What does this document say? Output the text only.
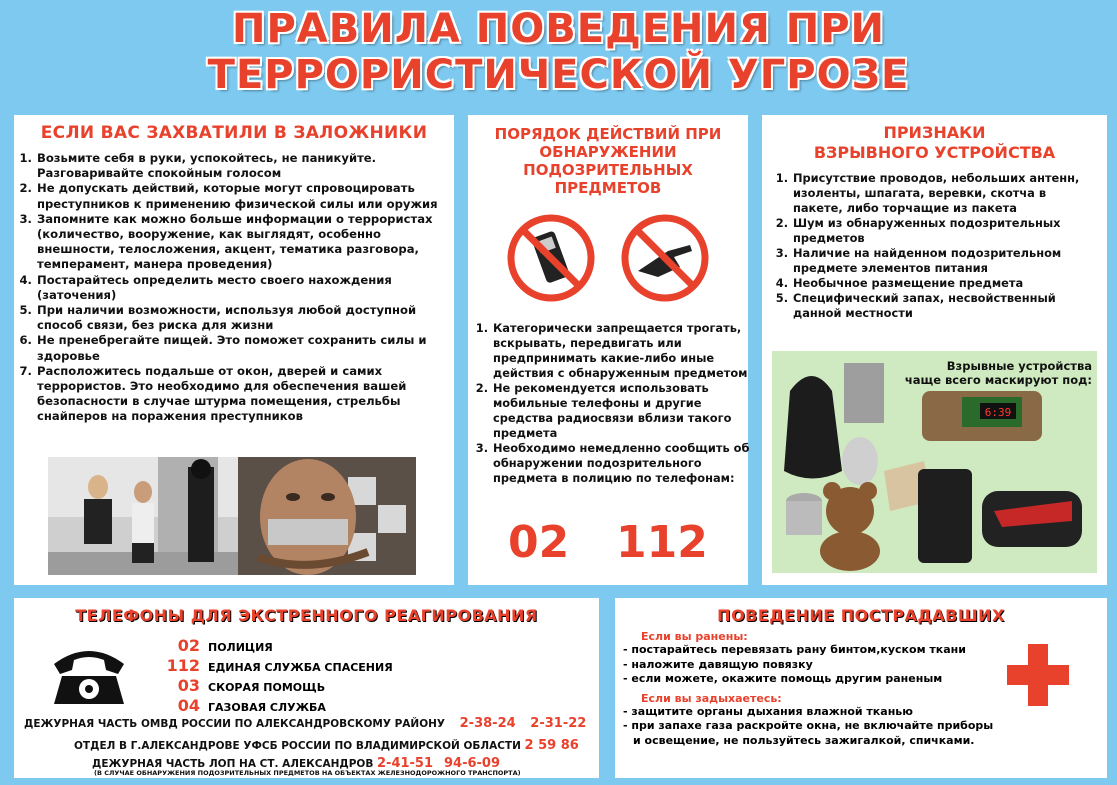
ПРАВИЛА ПОВЕДЕНИЯ ПРИ
ТЕРРОРИСТИЧЕСКОЙ УГРОЗЕ
ЕСЛИ ВАС ЗАХВАТИЛИ В ЗАЛОЖНИКИ
1. Возьмите себя в руки, успокойтесь, не паникуйте. Разговаривайте спокойным голосом
2. Не допускать действий, которые могут спровоцировать преступников к применению физической силы или оружия
3. Запомните как можно больше информации о террористах (количество, вооружение, как выглядят, особенно внешности, телосложения, акцент, тематика разговора, темперамент, манера проведения)
4. Постарайтесь определить место своего нахождения (заточения)
5. При наличии возможности, используя любой доступной способ связи, без риска для жизни
6. Не пренебрегайте пищей. Это поможет сохранить силы и здоровье
7. Расположитесь подальше от окон, дверей и самих террористов. Это необходимо для обеспечения вашей безопасности в случае штурма помещения, стрельбы снайперов на поражения преступников
ПОРЯДОК ДЕЙСТВИЙ ПРИ
ОБНАРУЖЕНИИ
ПОДОЗРИТЕЛЬНЫХ
ПРЕДМЕТОВ
1. Категорически запрещается трогать, вскрывать, передвигать или предпринимать какие-либо иные действия с обнаруженным предметом
2. Не рекомендуется использовать мобильные телефоны и другие средства радиосвязи вблизи такого предмета
3. Необходимо немедленно сообщить об обнаружении подозрительного предмета в полицию по телефонам:
02 112
ПРИЗНАКИ
ВЗРЫВНОГО УСТРОЙСТВА
1. Присутствие проводов, небольших антенн, изоленты, шпагата, веревки, скотча в пакете, либо торчащие из пакета
2. Шум из обнаруженных подозрительных предметов
3. Наличие на найденном подозрительном предмете элементов питания
4. Необычное размещение предмета
5. Специфический запах, несвойственный данной местности
6:39
Взрывные устройства
чаще всего маскируют под:
ТЕЛЕФОНЫ ДЛЯ ЭКСТРЕННОГО РЕАГИРОВАНИЯ
02 ПОЛИЦИЯ
112 ЕДИНАЯ СЛУЖБА СПАСЕНИЯ
03 СКОРАЯ ПОМОЩЬ
04 ГАЗОВАЯ СЛУЖБА
ДЕЖУРНАЯ ЧАСТЬ ОМВД РОССИИ ПО АЛЕКСАНДРОВСКОМУ РАЙОНУ 2-38-24 2-31-22
ОТДЕЛ В Г.АЛЕКСАНДРОВЕ УФСБ РОССИИ ПО ВЛАДИМИРСКОЙ ОБЛАСТИ 2 59 86
ДЕЖУРНАЯ ЧАСТЬ ЛОП НА СТ. АЛЕКСАНДРОВ 2-41-51 94-6-09
(В СЛУЧАЕ ОБНАРУЖЕНИЯ ПОДОЗРИТЕЛЬНЫХ ПРЕДМЕТОВ НА ОБЪЕКТАХ ЖЕЛЕЗНОДОРОЖНОГО ТРАНСПОРТА)
ПОВЕДЕНИЕ ПОСТРАДАВШИХ
Если вы ранены:
- постарайтесь перевязать рану бинтом,куском ткани
- наложите давящую повязку
- если можете, окажите помощь другим раненым
Если вы задыхаетесь:
- защитите органы дыхания влажной тканью
- при запахе газа раскройте окна, не включайте приборы
и освещение, не пользуйтесь зажигалкой, спичками.
